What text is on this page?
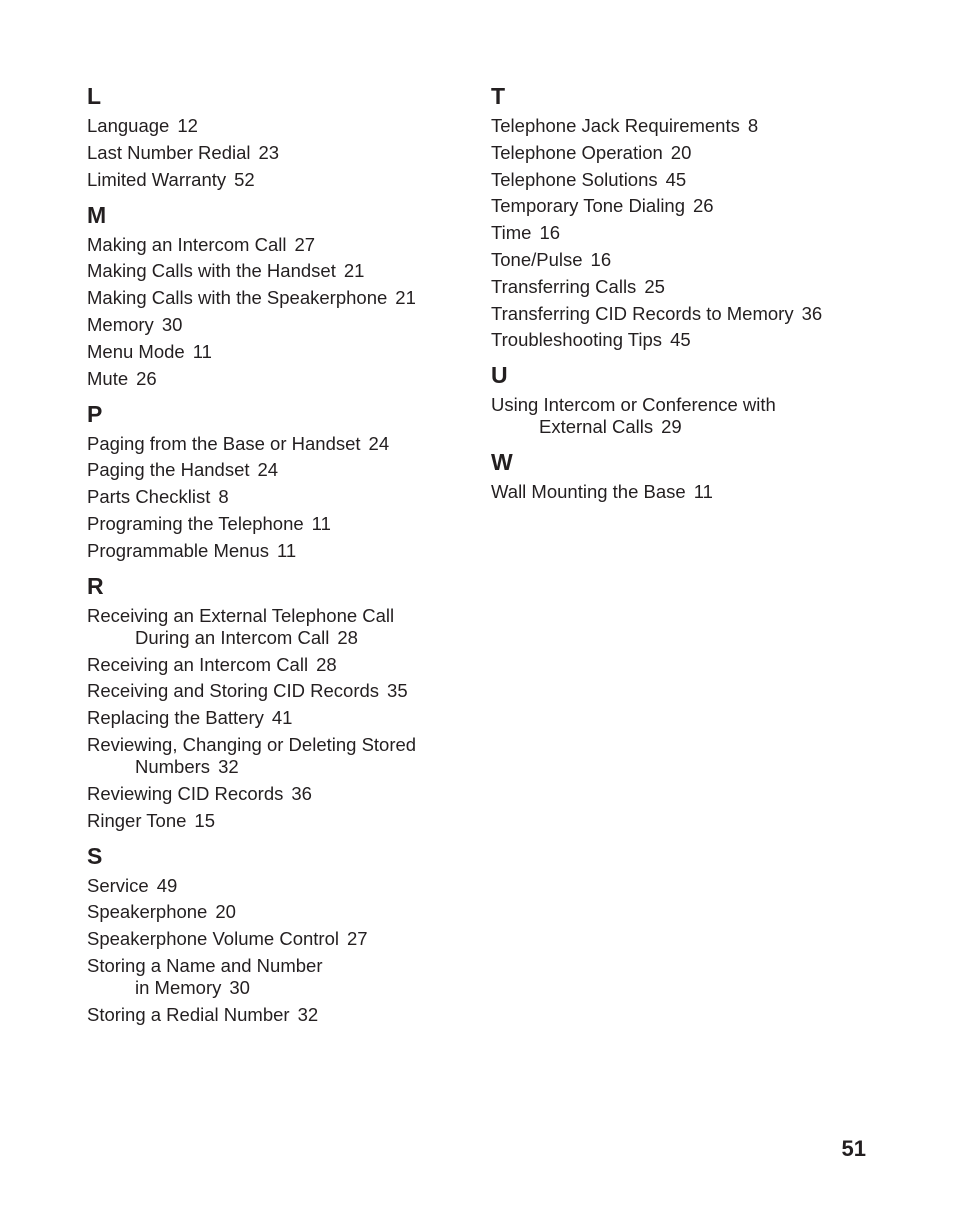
L
Language 12
Last Number Redial 23
Limited Warranty 52
M
Making an Intercom Call 27
Making Calls with the Handset 21
Making Calls with the Speakerphone 21
Memory 30
Menu Mode 11
Mute 26
P
Paging from the Base or Handset 24
Paging the Handset 24
Parts Checklist 8
Programing the Telephone 11
Programmable Menus 11
R
Receiving an External Telephone Call
During an Intercom Call 28
Receiving an Intercom Call 28
Receiving and Storing CID Records 35
Replacing the Battery 41
Reviewing, Changing or Deleting Stored
Numbers 32
Reviewing CID Records 36
Ringer Tone 15
S
Service 49
Speakerphone 20
Speakerphone Volume Control 27
Storing a Name and Number
in Memory 30
Storing a Redial Number 32
T
Telephone Jack Requirements 8
Telephone Operation 20
Telephone Solutions 45
Temporary Tone Dialing 26
Time 16
Tone/Pulse 16
Transferring Calls 25
Transferring CID Records to Memory 36
Troubleshooting Tips 45
U
Using Intercom or Conference with
External Calls 29
W
Wall Mounting the Base 11
51
